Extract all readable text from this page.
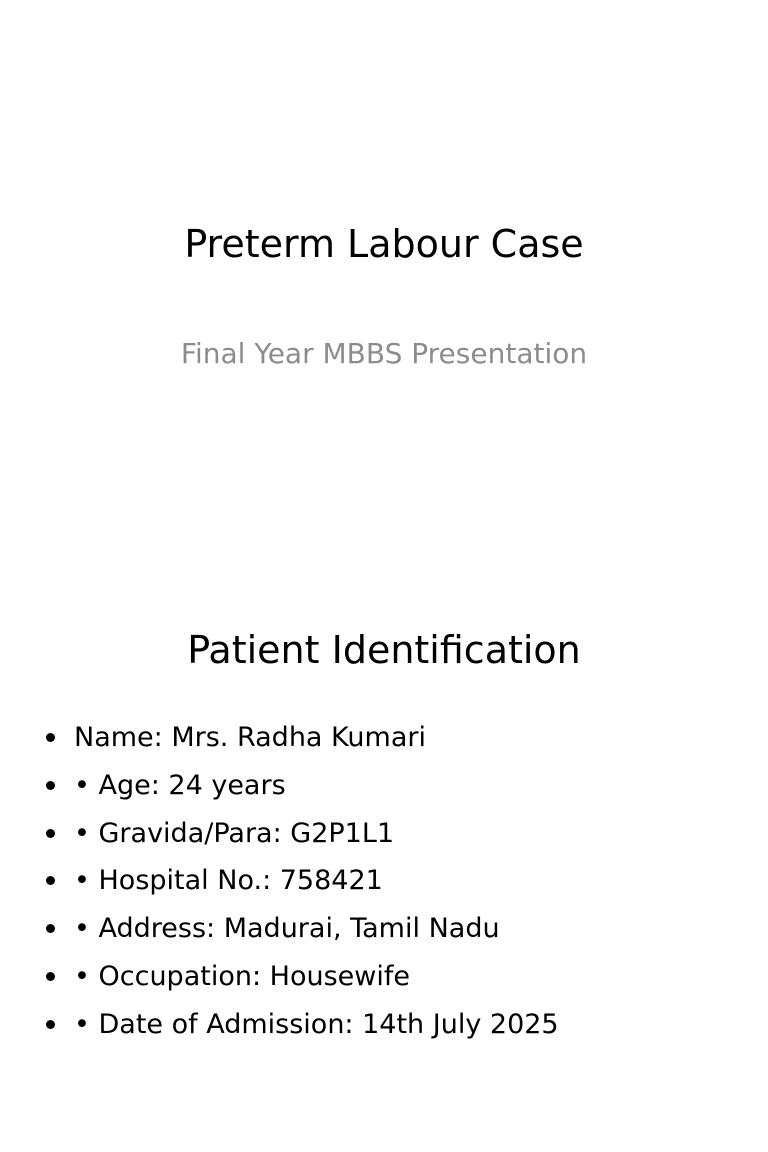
Preterm Labour Case
Final Year MBBS Presentation
Patient Identification
Name: Mrs. Radha Kumari
• Age: 24 years
• Gravida/Para: G2P1L1
• Hospital No.: 758421
• Address: Madurai, Tamil Nadu
• Occupation: Housewife
• Date of Admission: 14th July 2025
